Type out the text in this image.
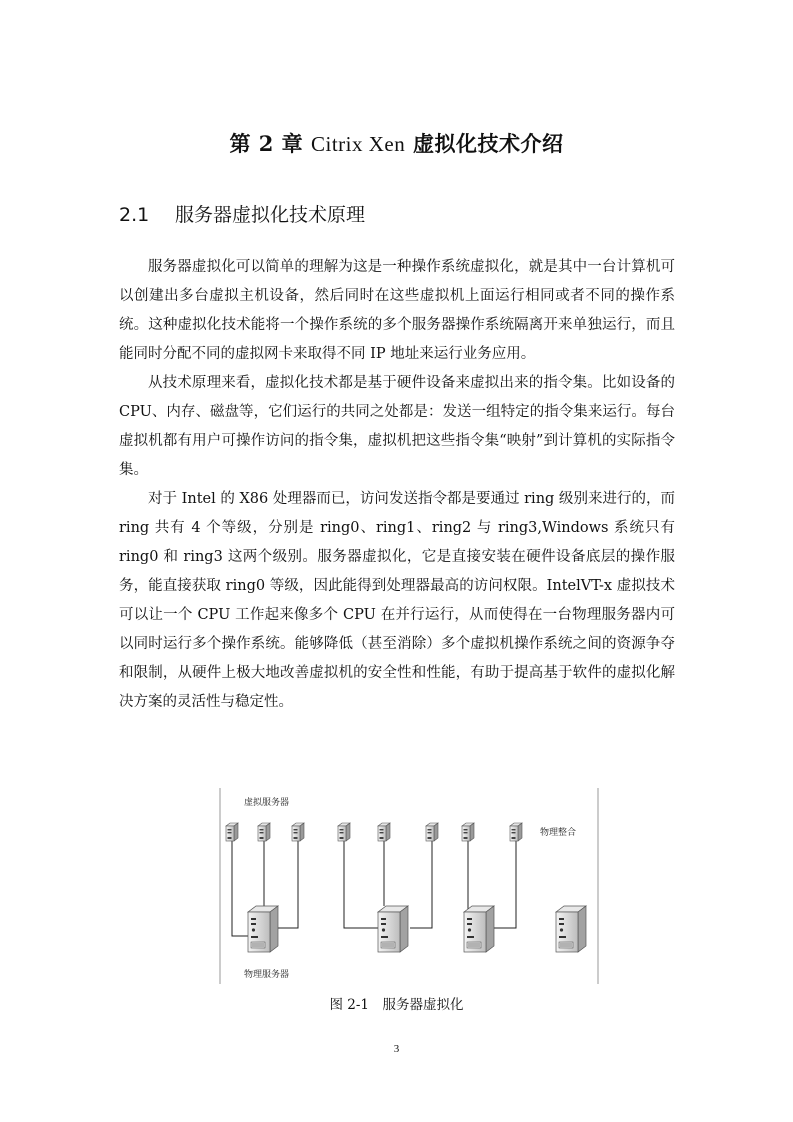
第 2 章 Citrix Xen 虚拟化技术介绍
2.1 服务器虚拟化技术原理

服务器虚拟化可以简单的理解为这是一种操作系统虚拟化，就是其中一台计算机可以创建出多台虚拟主机设备，然后同时在这些虚拟机上面运行相同或者不同的操作系统。这种虚拟化技术能将一个操作系统的多个服务器操作系统隔离开来单独运行，而且能同时分配不同的虚拟网卡来取得不同 IP 地址来运行业务应用。

从技术原理来看，虚拟化技术都是基于硬件设备来虚拟出来的指令集。比如设备的 CPU、内存、磁盘等，它们运行的共同之处都是：发送一组特定的指令集来运行。每台虚拟机都有用户可操作访问的指令集，虚拟机把这些指令集“映射”到计算机的实际指令集。

对于 Intel 的 X86 处理器而已，访问发送指令都是要通过 ring 级别来进行的，而 ring 共有 4 个等级，分别是 ring0、ring1、ring2 与 ring3,Windows 系统只有 ring0 和 ring3 这两个级别。服务器虚拟化，它是直接安装在硬件设备底层的操作服务，能直接获取 ring0 等级，因此能得到处理器最高的访问权限。IntelVT-x 虚拟技术可以让一个 CPU 工作起来像多个 CPU 在并行运行，从而使得在一台物理服务器内可以同时运行多个操作系统。能够降低（甚至消除）多个虚拟机操作系统之间的资源争夺和限制，从硬件上极大地改善虚拟机的安全性和性能，有助于提高基于软件的虚拟化解决方案的灵活性与稳定性。

虚拟服务器
物理整合
物理服务器
图 2-1　服务器虚拟化
3
